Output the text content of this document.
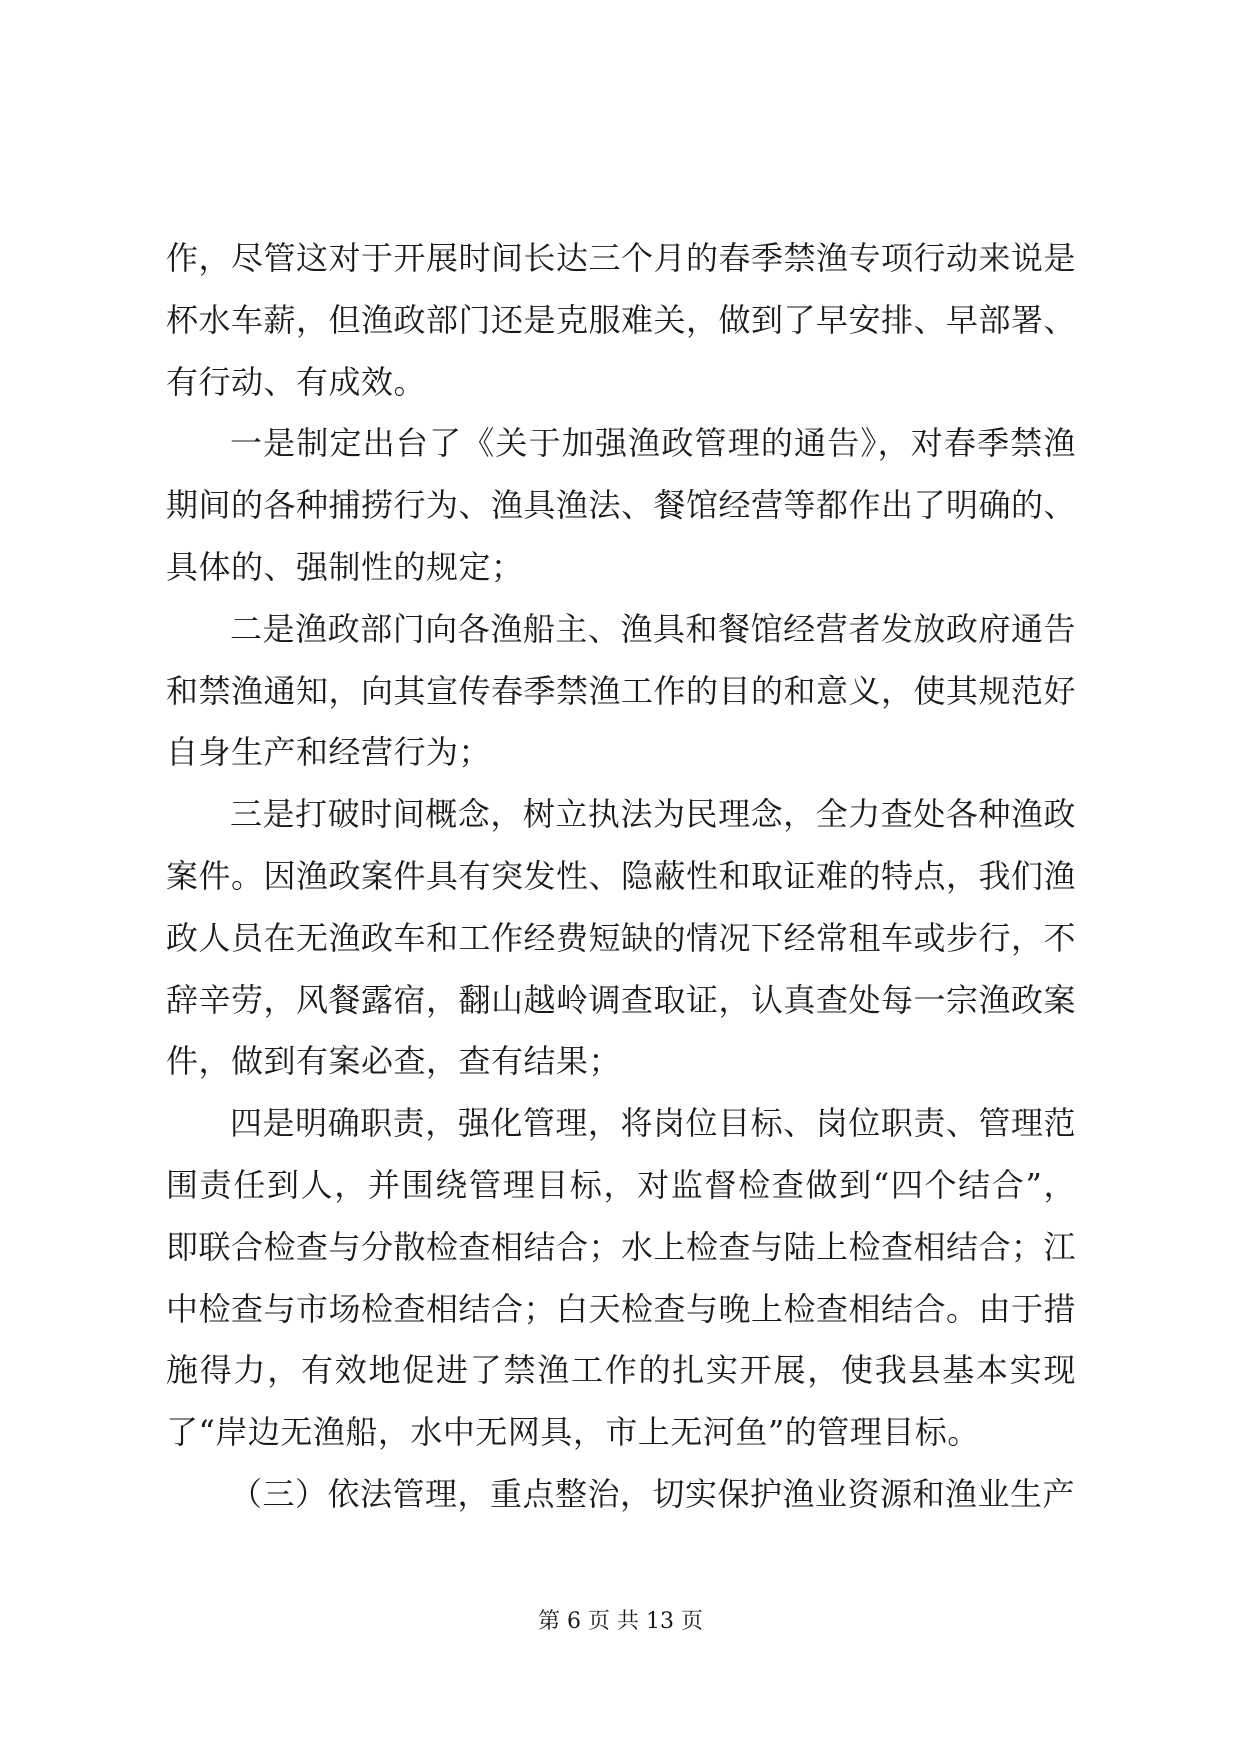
作，尽管这对于开展时间长达三个月的春季禁渔专项行动来说是杯水车薪，但渔政部门还是克服难关，做到了早安排、早部署、有行动、有成效。

一是制定出台了《关于加强渔政管理的通告》，对春季禁渔期间的各种捕捞行为、渔具渔法、餐馆经营等都作出了明确的、具体的、强制性的规定；

二是渔政部门向各渔船主、渔具和餐馆经营者发放政府通告和禁渔通知，向其宣传春季禁渔工作的目的和意义，使其规范好自身生产和经营行为；

三是打破时间概念，树立执法为民理念，全力查处各种渔政案件。因渔政案件具有突发性、隐蔽性和取证难的特点，我们渔政人员在无渔政车和工作经费短缺的情况下经常租车或步行，不辞辛劳，风餐露宿，翻山越岭调查取证，认真查处每一宗渔政案件，做到有案必查，查有结果；

四是明确职责，强化管理，将岗位目标、岗位职责、管理范围责任到人，并围绕管理目标，对监督检查做到“四个结合”，即联合检查与分散检查相结合；水上检查与陆上检查相结合；江中检查与市场检查相结合；白天检查与晚上检查相结合。由于措施得力，有效地促进了禁渔工作的扎实开展，使我县基本实现了“岸边无渔船，水中无网具，市上无河鱼”的管理目标。

（三）依法管理，重点整治，切实保护渔业资源和渔业生产

第 6 页 共 13 页
